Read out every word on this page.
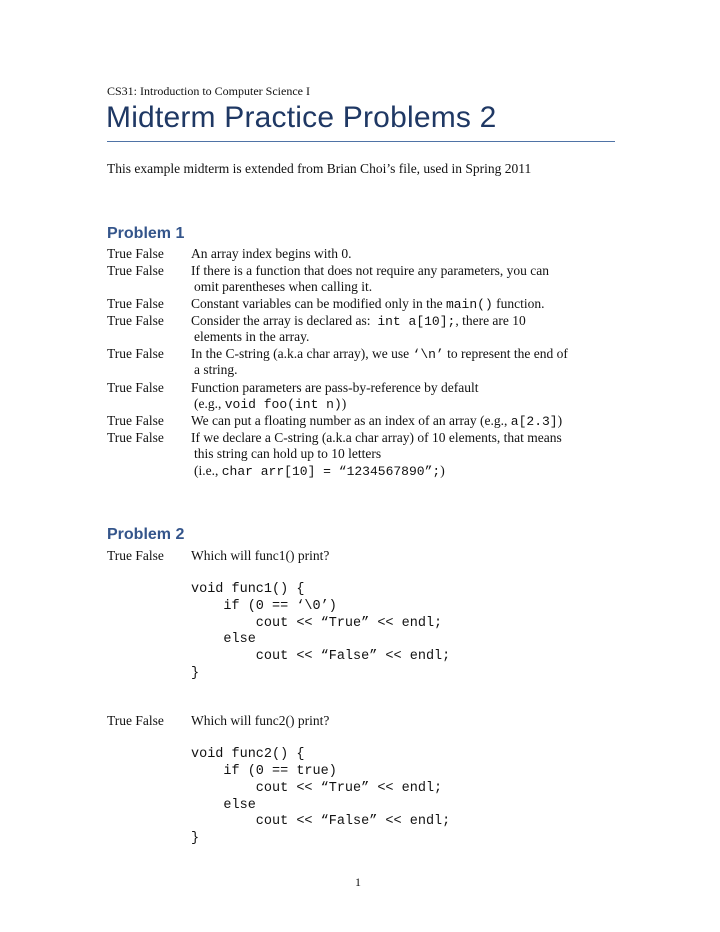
CS31: Introduction to Computer Science I
Midterm Practice Problems 2
This example midterm is extended from Brian Choi’s file, used in Spring 2011
Problem 1
True False An array index begins with 0.
True False If there is a function that does not require any parameters, you can
omit parentheses when calling it.
True False Constant variables can be modified only in the main() function.
True False Consider the array is declared as:  int a[10];, there are 10
elements in the array.
True False In the C-string (a.k.a char array), we use ‘\n’ to represent the end of
a string.
True False Function parameters are pass-by-reference by default
(e.g., void foo(int n))
True False We can put a floating number as an index of an array (e.g., a[2.3])
True False If we declare a C-string (a.k.a char array) of 10 elements, that means
this string can hold up to 10 letters
(i.e., char arr[10] = “1234567890”;)
Problem 2
True False Which will func1() print?
void func1() {
if (0 == ‘\0’)
cout << “True” << endl;
else
cout << “False” << endl;
}
True False Which will func2() print?
void func2() {
if (0 == true)
cout << “True” << endl;
else
cout << “False” << endl;
}
1
